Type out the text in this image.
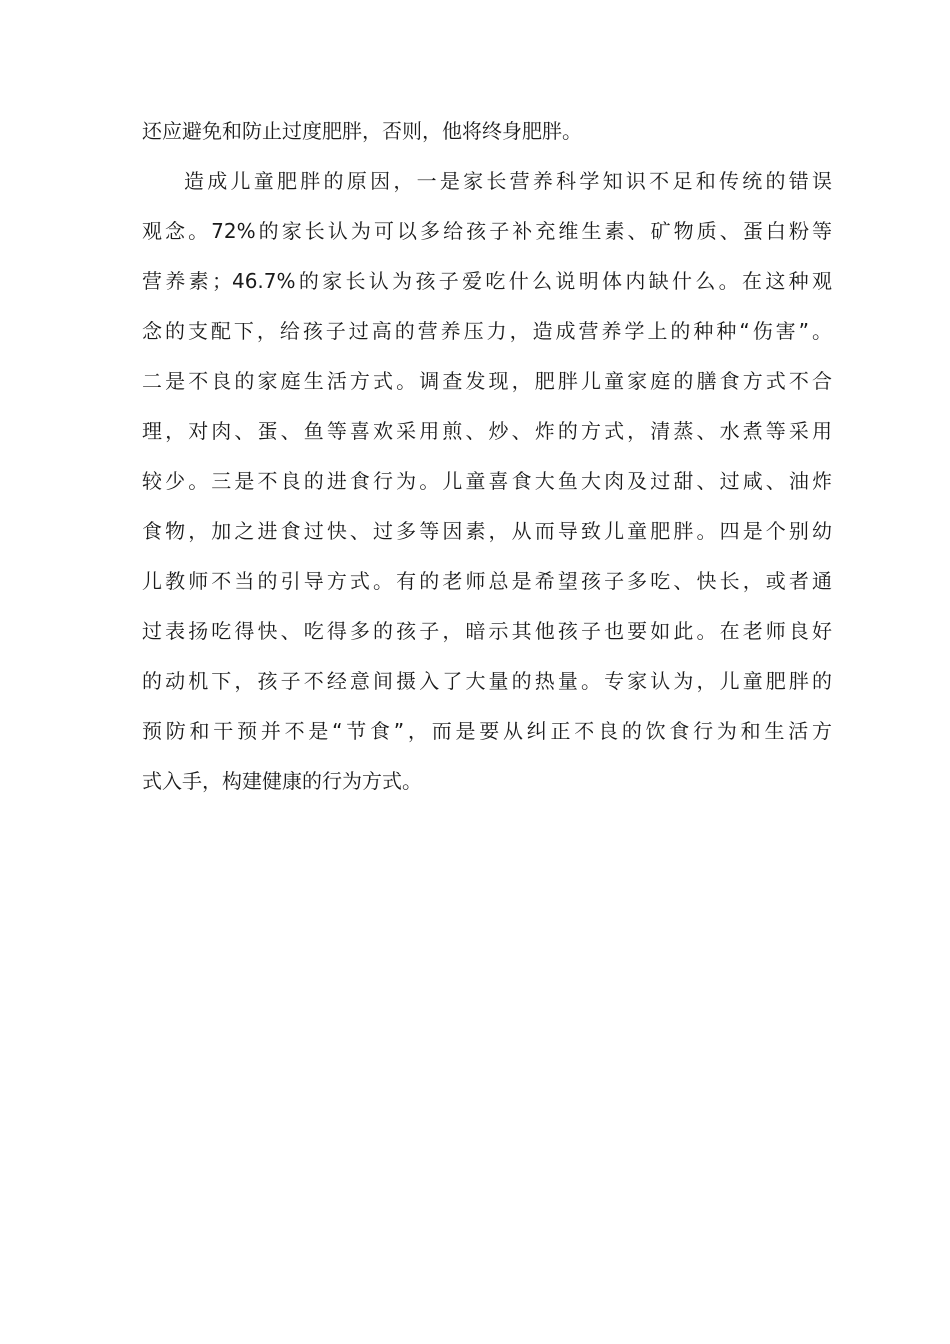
还应避免和防止过度肥胖，否则，他将终身肥胖。
造成儿童肥胖的原因，一是家长营养科学知识不足和传统的错误
观念。72%的家长认为可以多给孩子补充维生素、矿物质、蛋白粉等
营养素；46.7%的家长认为孩子爱吃什么说明体内缺什么。在这种观
念的支配下，给孩子过高的营养压力，造成营养学上的种种“伤害”。
二是不良的家庭生活方式。调查发现，肥胖儿童家庭的膳食方式不合
理，对肉、蛋、鱼等喜欢采用煎、炒、炸的方式，清蒸、水煮等采用
较少。三是不良的进食行为。儿童喜食大鱼大肉及过甜、过咸、油炸
食物，加之进食过快、过多等因素，从而导致儿童肥胖。四是个别幼
儿教师不当的引导方式。有的老师总是希望孩子多吃、快长，或者通
过表扬吃得快、吃得多的孩子，暗示其他孩子也要如此。在老师良好
的动机下，孩子不经意间摄入了大量的热量。专家认为，儿童肥胖的
预防和干预并不是“节食”，而是要从纠正不良的饮食行为和生活方
式入手，构建健康的行为方式。
